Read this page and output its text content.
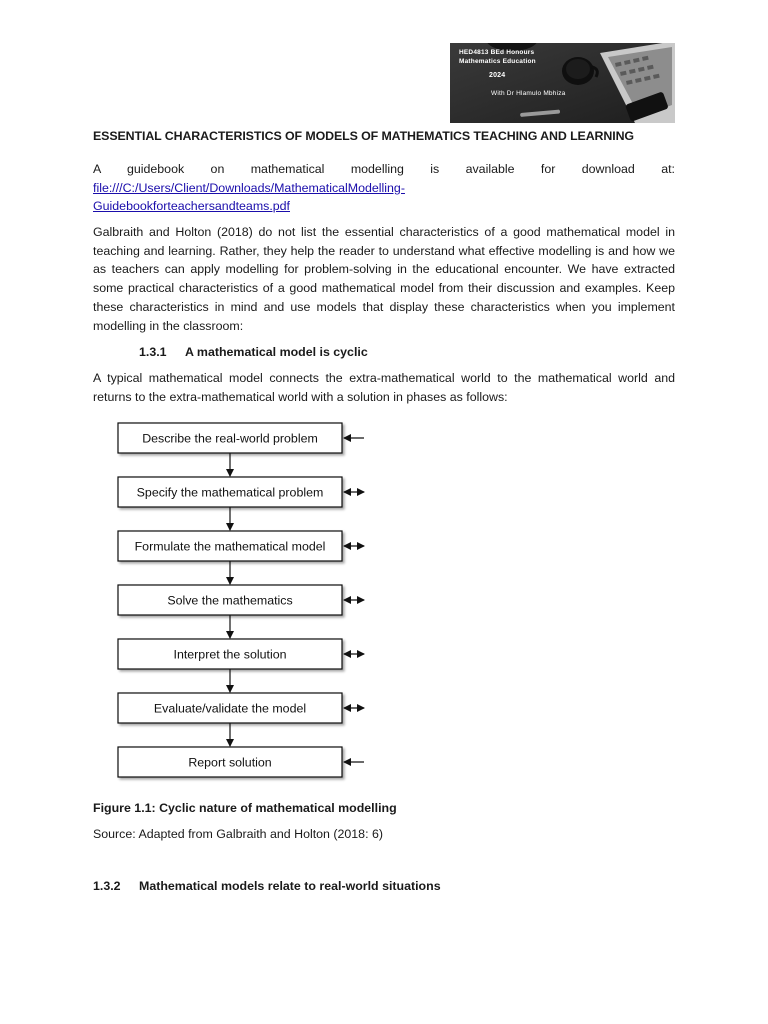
HED4813 BEd Honours
Mathematics Education
2024
With Dr Hlamulo Mbhiza
ESSENTIAL CHARACTERISTICS OF MODELS OF MATHEMATICS TEACHING AND LEARNING

A guidebook on mathematical modelling is available for download at:
file:///C:/Users/Client/Downloads/MathematicalModelling-
Guidebookforteachersandteams.pdf

Galbraith and Holton (2018) do not list the essential characteristics of a good mathematical model in teaching and learning. Rather, they help the reader to understand what effective modelling is and how we as teachers can apply modelling for problem-solving in the educational encounter. We have extracted some practical characteristics of a good mathematical model from their discussion and examples. Keep these characteristics in mind and use models that display these characteristics when you implement modelling in the classroom:

1.3.1 A mathematical model is cyclic

A typical mathematical model connects the extra-mathematical world to the mathematical world and returns to the extra-mathematical world with a solution in phases as follows:

Describe the real-world problem
Specify the mathematical problem
Formulate the mathematical model
Solve the mathematics
Interpret the solution
Evaluate/validate the model
Report solution
Figure 1.1: Cyclic nature of mathematical modelling
Source: Adapted from Galbraith and Holton (2018: 6)
1.3.2 Mathematical models relate to real-world situations
